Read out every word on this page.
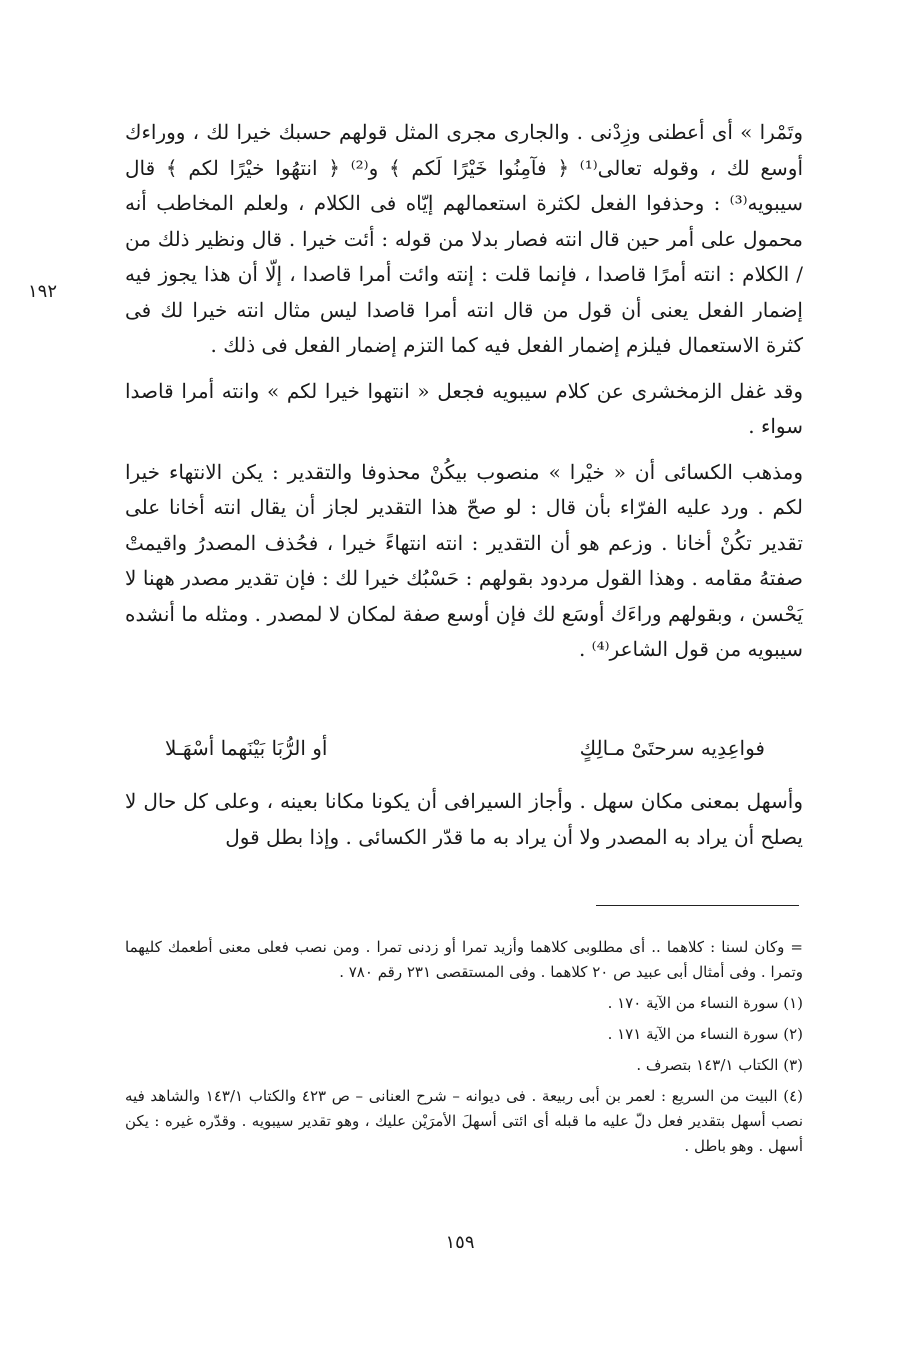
١٩٢

وتَمْرا » أى أعطنى وزِدْنى . والجارى مجرى المثل قولهم حسبك خيرا لك ، ووراءك أوسع لك ، وقوله تعالى⁽¹⁾ ﴿ فآمِنُوا خَيْرًا لَكم ﴾ و⁽²⁾ ﴿ انتهُوا خيْرًا لكم ﴾ قال سيبويه⁽³⁾ : وحذفوا الفعل لكثرة استعمالهم إيّاه فى الكلام ، ولعلم المخاطب أنه محمول على أمر حين قال انته فصار بدلا من قوله : أئت خيرا . قال ونظير ذلك من / الكلام : انته أمرًا قاصدا ، فإنما قلت : إنته وائت أمرا قاصدا ، إلّا أن هذا يجوز فيه إضمار الفعل يعنى أن قول من قال انته أمرا قاصدا ليس مثال انته خيرا لك فى كثرة الاستعمال فيلزم إضمار الفعل فيه كما التزم إضمار الفعل فى ذلك .

وقد غفل الزمخشرى عن كلام سيبويه فجعل « انتهوا خيرا لكم » وانته أمرا قاصدا سواء .

ومذهب الكسائى أن « خيْرا » منصوب بيكُنْ محذوفا والتقدير : يكن الانتهاء خيرا لكم . ورد عليه الفرّاء بأن قال : لو صحّ هذا التقدير لجاز أن يقال انته أخانا على تقدير تكُنْ أخانا . وزعم هو أن التقدير : انته انتهاءً خيرا ، فحُذف المصدرُ واقيمتْ صفتهُ مقامه . وهذا القول مردود بقولهم : حَسْبُك خيرا لك : فإن تقدير مصدر ههنا لا يَحْسن ، وبقولهم وراءَك أوسَع لك فإن أوسع صفة لمكان لا لمصدر . ومثله ما أنشده سيبويه من قول الشاعر⁽⁴⁾ .

فواعِدِيه سرحتَىْ مـالِكٍ
أو الرُّبَا بَيْنَهما أسْهَـلا

وأسهل بمعنى مكان سهل . وأجاز السيرافى أن يكونا مكانا بعينه ، وعلى كل حال لا يصلح أن يراد به المصدر ولا أن يراد به ما قدّر الكسائى . وإذا بطل قول

= وكان لسنا : كلاهما .. أى مطلوبى كلاهما وأزيد تمرا أو زدنى تمرا . ومن نصب فعلى معنى أطعمك كليهما وتمرا . وفى أمثال أبى عبيد ص ٢٠ كلاهما . وفى المستقصى ٢٣١ رقم ٧٨٠ .
(١) سورة النساء من الآية ١٧٠ .
(٢) سورة النساء من الآية ١٧١ .
(٣) الكتاب ١٤٣/١ بتصرف .
(٤) البيت من السريع : لعمر بن أبى ربيعة . فى ديوانه – شرح العنانى – ص ٤٢٣ والكتاب ١٤٣/١ والشاهد فيه نصب أسهل بتقدير فعل دلّ عليه ما قبله أى ائتى أسهلَ الأمرَيْن عليك ، وهو تقدير سيبويه . وقدّره غيره : يكن أسهل . وهو باطل .
١٥٩
